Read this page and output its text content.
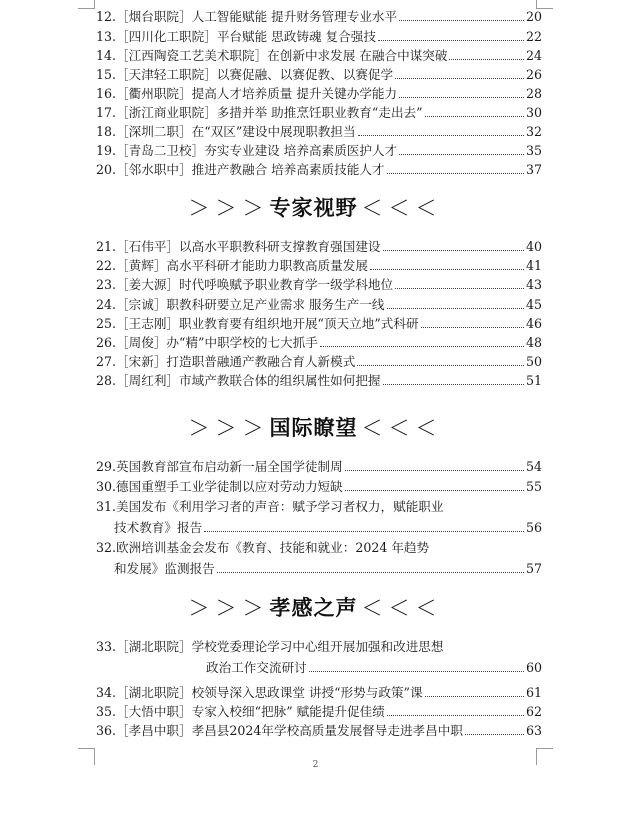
12. ［烟台职院］人工智能赋能 提升财务管理专业水平	20
13. ［四川化工职院］平台赋能 思政铸魂 复合强技	22
14. ［江西陶瓷工艺美术职院］在创新中求发展 在融合中谋突破	24
15. ［天津轻工职院］以赛促融、以赛促教、以赛促学	26
16. ［衢州职院］提高人才培养质量 提升关键办学能力	28
17. ［浙江商业职院］多措并举 助推烹饪职业教育“走出去”	30
18. ［深圳二职］在“双区”建设中展现职教担当	32
19. ［青岛二卫校］夯实专业建设 培养高素质医护人才	35
20. ［邻水职中］推进产教融合 培养高素质技能人才	37
＞＞＞专家视野 ＜＜＜
21. ［石伟平］以高水平职教科研支撑教育强国建设	40
22. ［黄辉］高水平科研才能助力职教高质量发展	41
23. ［姜大源］时代呼唤赋予职业教育学一级学科地位	43
24. ［宗诚］职教科研要立足产业需求 服务生产一线	45
25. ［王志刚］职业教育要有组织地开展“顶天立地”式科研	46
26. ［周俊］办“精”中职学校的七大抓手	48
27. ［宋新］打造职普融通产教融合育人新模式	50
28. ［周红利］市域产教联合体的组织属性如何把握	51
＞＞＞国际瞭望 ＜＜＜
29. 英国教育部宣布启动新一届全国学徒制周	54
30. 德国重塑手工业学徒制以应对劳动力短缺	55
31. 美国发布《利用学习者的声音：赋予学习者权力，赋能职业
技术教育》报告	56
32. 欧洲培训基金会发布《教育、技能和就业：2024 年趋势
和发展》监测报告	57
＞＞＞孝感之声 ＜＜＜
33. ［湖北职院］学校党委理论学习中心组开展加强和改进思想
政治工作交流研讨	60
34. ［湖北职院］校领导深入思政课堂 讲授“形势与政策”课	61
35. ［大悟中职］专家入校细“把脉” 赋能提升促佳绩	62
36. ［孝昌中职］孝昌县2024年学校高质量发展督导走进孝昌中职	63
2
